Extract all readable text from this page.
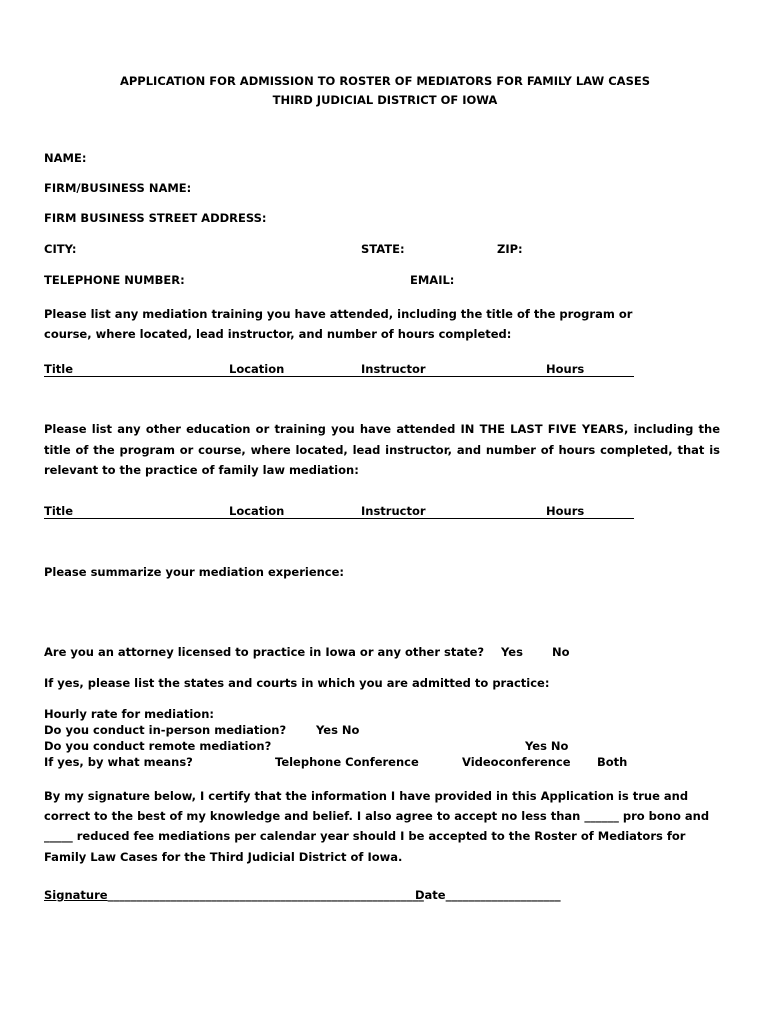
APPLICATION FOR ADMISSION TO ROSTER OF MEDIATORS FOR FAMILY LAW CASES
THIRD JUDICIAL DISTRICT OF IOWA
NAME:
FIRM/BUSINESS NAME:
FIRM BUSINESS STREET ADDRESS:
CITY:	STATE:	ZIP:
TELEPHONE NUMBER:	EMAIL:
Please list any mediation training you have attended, including the title of the program or
course, where located, lead instructor, and number of hours completed:
Title	Location	Instructor	Hours
Please list any other education or training you have attended IN THE LAST FIVE YEARS, including the title of the program or course, where located, lead instructor, and number of hours completed, that is relevant to the practice of family law mediation:
Title	Location	Instructor	Hours
Please summarize your mediation experience:
Are you an attorney licensed to practice in Iowa or any other state? Yes	No
If yes, please list the states and courts in which you are admitted to practice:
Hourly rate for mediation:
Do you conduct in-person mediation?	Yes No
Do you conduct remote mediation?	Yes No
If yes, by what means?	Telephone Conference	Videoconference Both
By my signature below, I certify that the information I have provided in this Application is true and
correct to the best of my knowledge and belief. I also agree to accept no less than ______ pro bono and
_____ reduced fee mediations per calendar year should I be accepted to the Roster of Mediators for
Family Law Cases for the Third Judicial District of Iowa.
Signature_______________________________________________________
Date____________________
